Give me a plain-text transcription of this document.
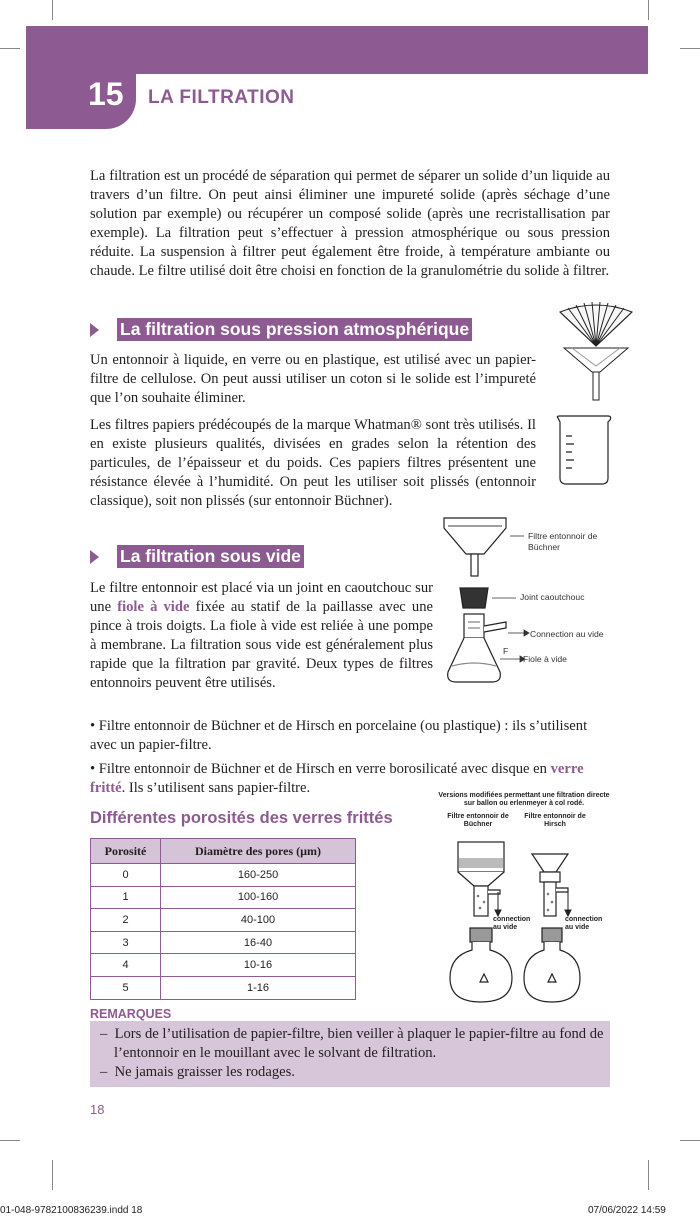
15 LA FILTRATION

La filtration est un procédé de séparation qui permet de séparer un solide d’un liquide au travers d’un filtre. On peut ainsi éliminer une impureté solide (après séchage d’une solution par exemple) ou récupérer un composé solide (après une recristallisation par exemple). La filtration peut s’effectuer à pression atmosphérique ou sous pression réduite. La suspension à filtrer peut également être froide, à température ambiante ou chaude. Le filtre utilisé doit être choisi en fonction de la granulométrie du solide à filtrer.

La filtration sous pression atmosphérique

Un entonnoir à liquide, en verre ou en plastique, est utilisé avec un papier-filtre de cellulose. On peut aussi utiliser un coton si le solide est l’impureté que l’on souhaite éliminer.

Les filtres papiers prédécoupés de la marque Whatman® sont très utilisés. Il en existe plusieurs qualités, divisées en grades selon la rétention des particules, de l’épaisseur et du poids. Ces papiers filtres présentent une résistance élevée à l’humidité. On peut les utiliser soit plissés (entonnoir classique), soit non plissés (sur entonnoir Büchner).

La filtration sous vide

Le filtre entonnoir est placé via un joint en caoutchouc sur une fiole à vide fixée au statif de la paillasse avec une pince à trois doigts. La fiole à vide est reliée à une pompe à membrane. La filtration sous vide est généralement plus rapide que la filtration par gravité. Deux types de filtres entonnoirs peuvent être utilisés.

Filtre entonnoir de Büchner
Joint caoutchouc
Connection au vide
F
Fiole à vide

• Filtre entonnoir de Büchner et de Hirsch en porcelaine (ou plastique) : ils s’utilisent avec un papier-filtre.

• Filtre entonnoir de Büchner et de Hirsch en verre borosilicaté avec disque en verre fritté. Ils s’utilisent sans papier-filtre.

Différentes porosités des verres frittés
Porosité	Diamètre des pores (µm)
0	160-250
1	100-160
2	40-100
3	16-40
4	10-16
5	1-16
Versions modifiées permettant une filtration directe sur ballon ou erlenmeyer à col rodé.
Filtre entonnoir de Büchner
Filtre entonnoir de Hirsch
connection au vide
connection au vide
REMARQUES

–  Lors de l’utilisation de papier-filtre, bien veiller à plaquer le papier-filtre au fond de l’entonnoir en le mouillant avec le solvant de filtration.

–  Ne jamais graisser les rodages.

18
01-048-9782100836239.indd 18	07/06/2022 14:59
